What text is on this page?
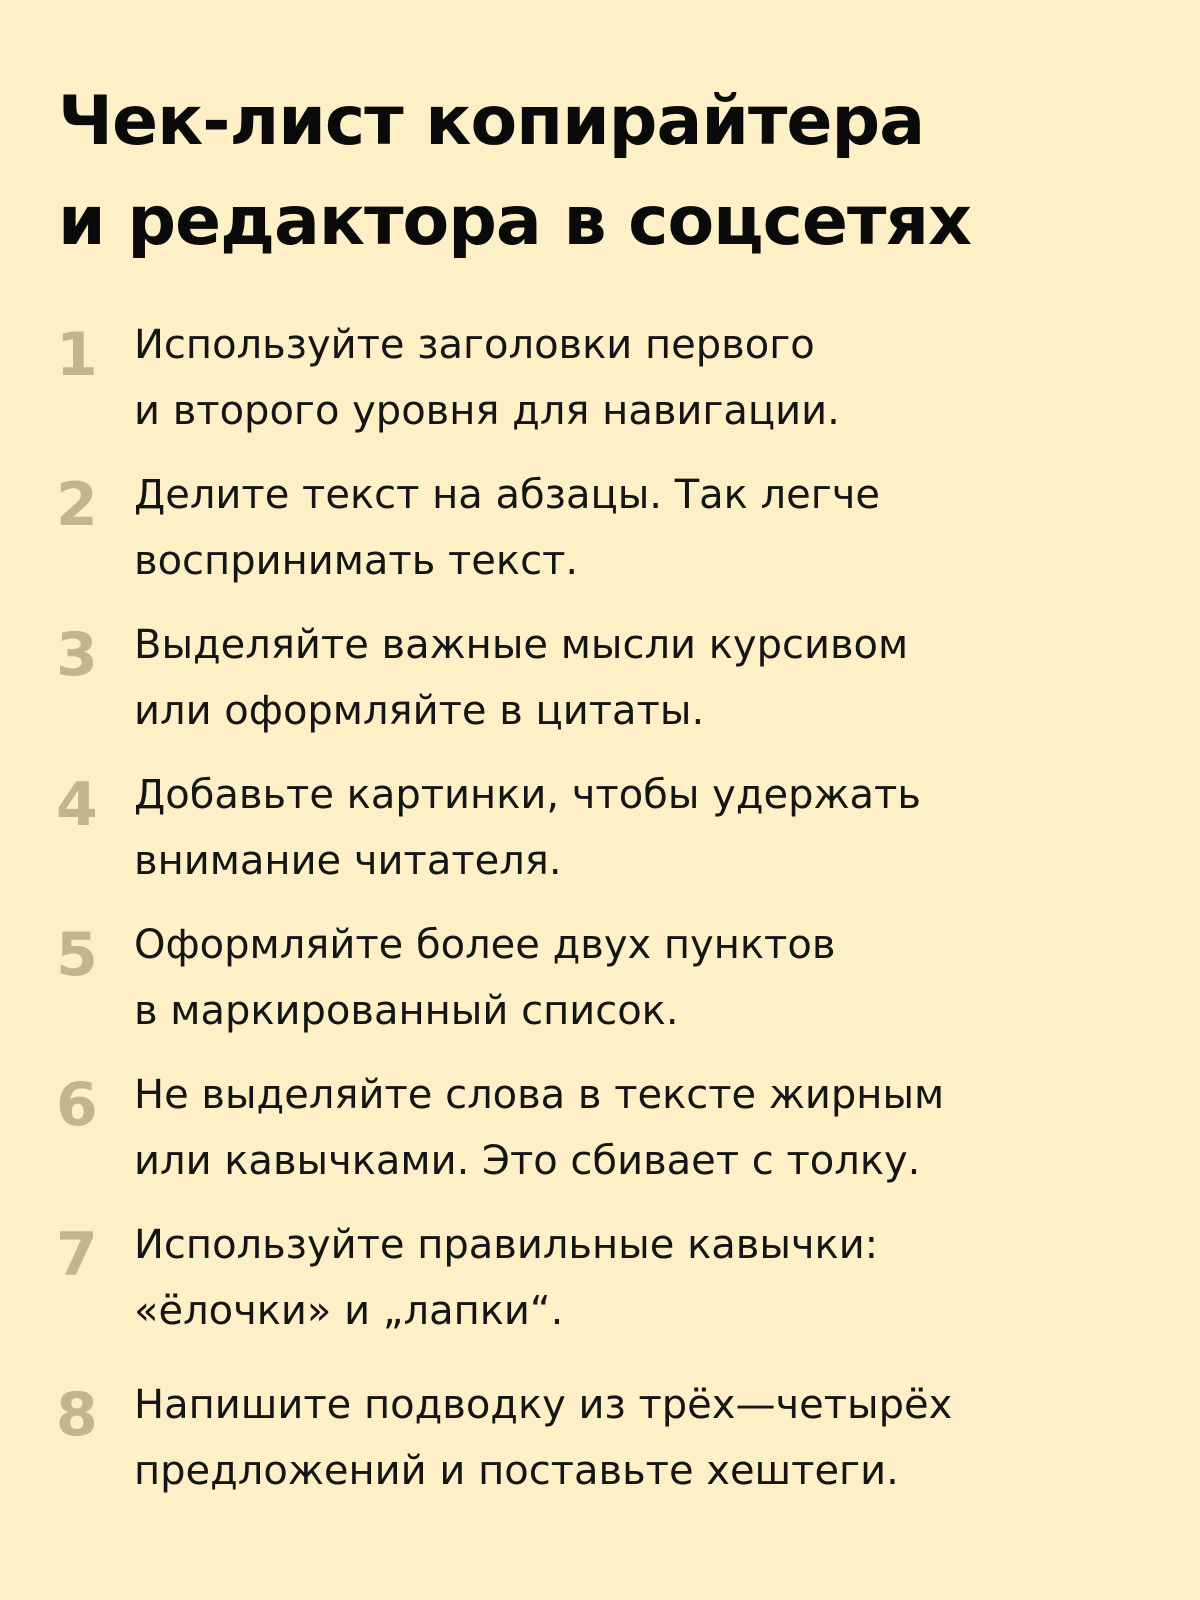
Чек-лист копирайтера
и редактора в соцсетях
1 Используйте заголовки первого
и второго уровня для навигации.
2 Делите текст на абзацы. Так легче
воспринимать текст.
3 Выделяйте важные мысли курсивом
или оформляйте в цитаты.
4 Добавьте картинки, чтобы удержать
внимание читателя.
5 Оформляйте более двух пунктов
в маркированный список.
6 Не выделяйте слова в тексте жирным
или кавычками. Это сбивает с толку.
7 Используйте правильные кавычки:
«ёлочки» и „лапки“.
8 Напишите подводку из трёх—четырёх
предложений и поставьте хештеги.
